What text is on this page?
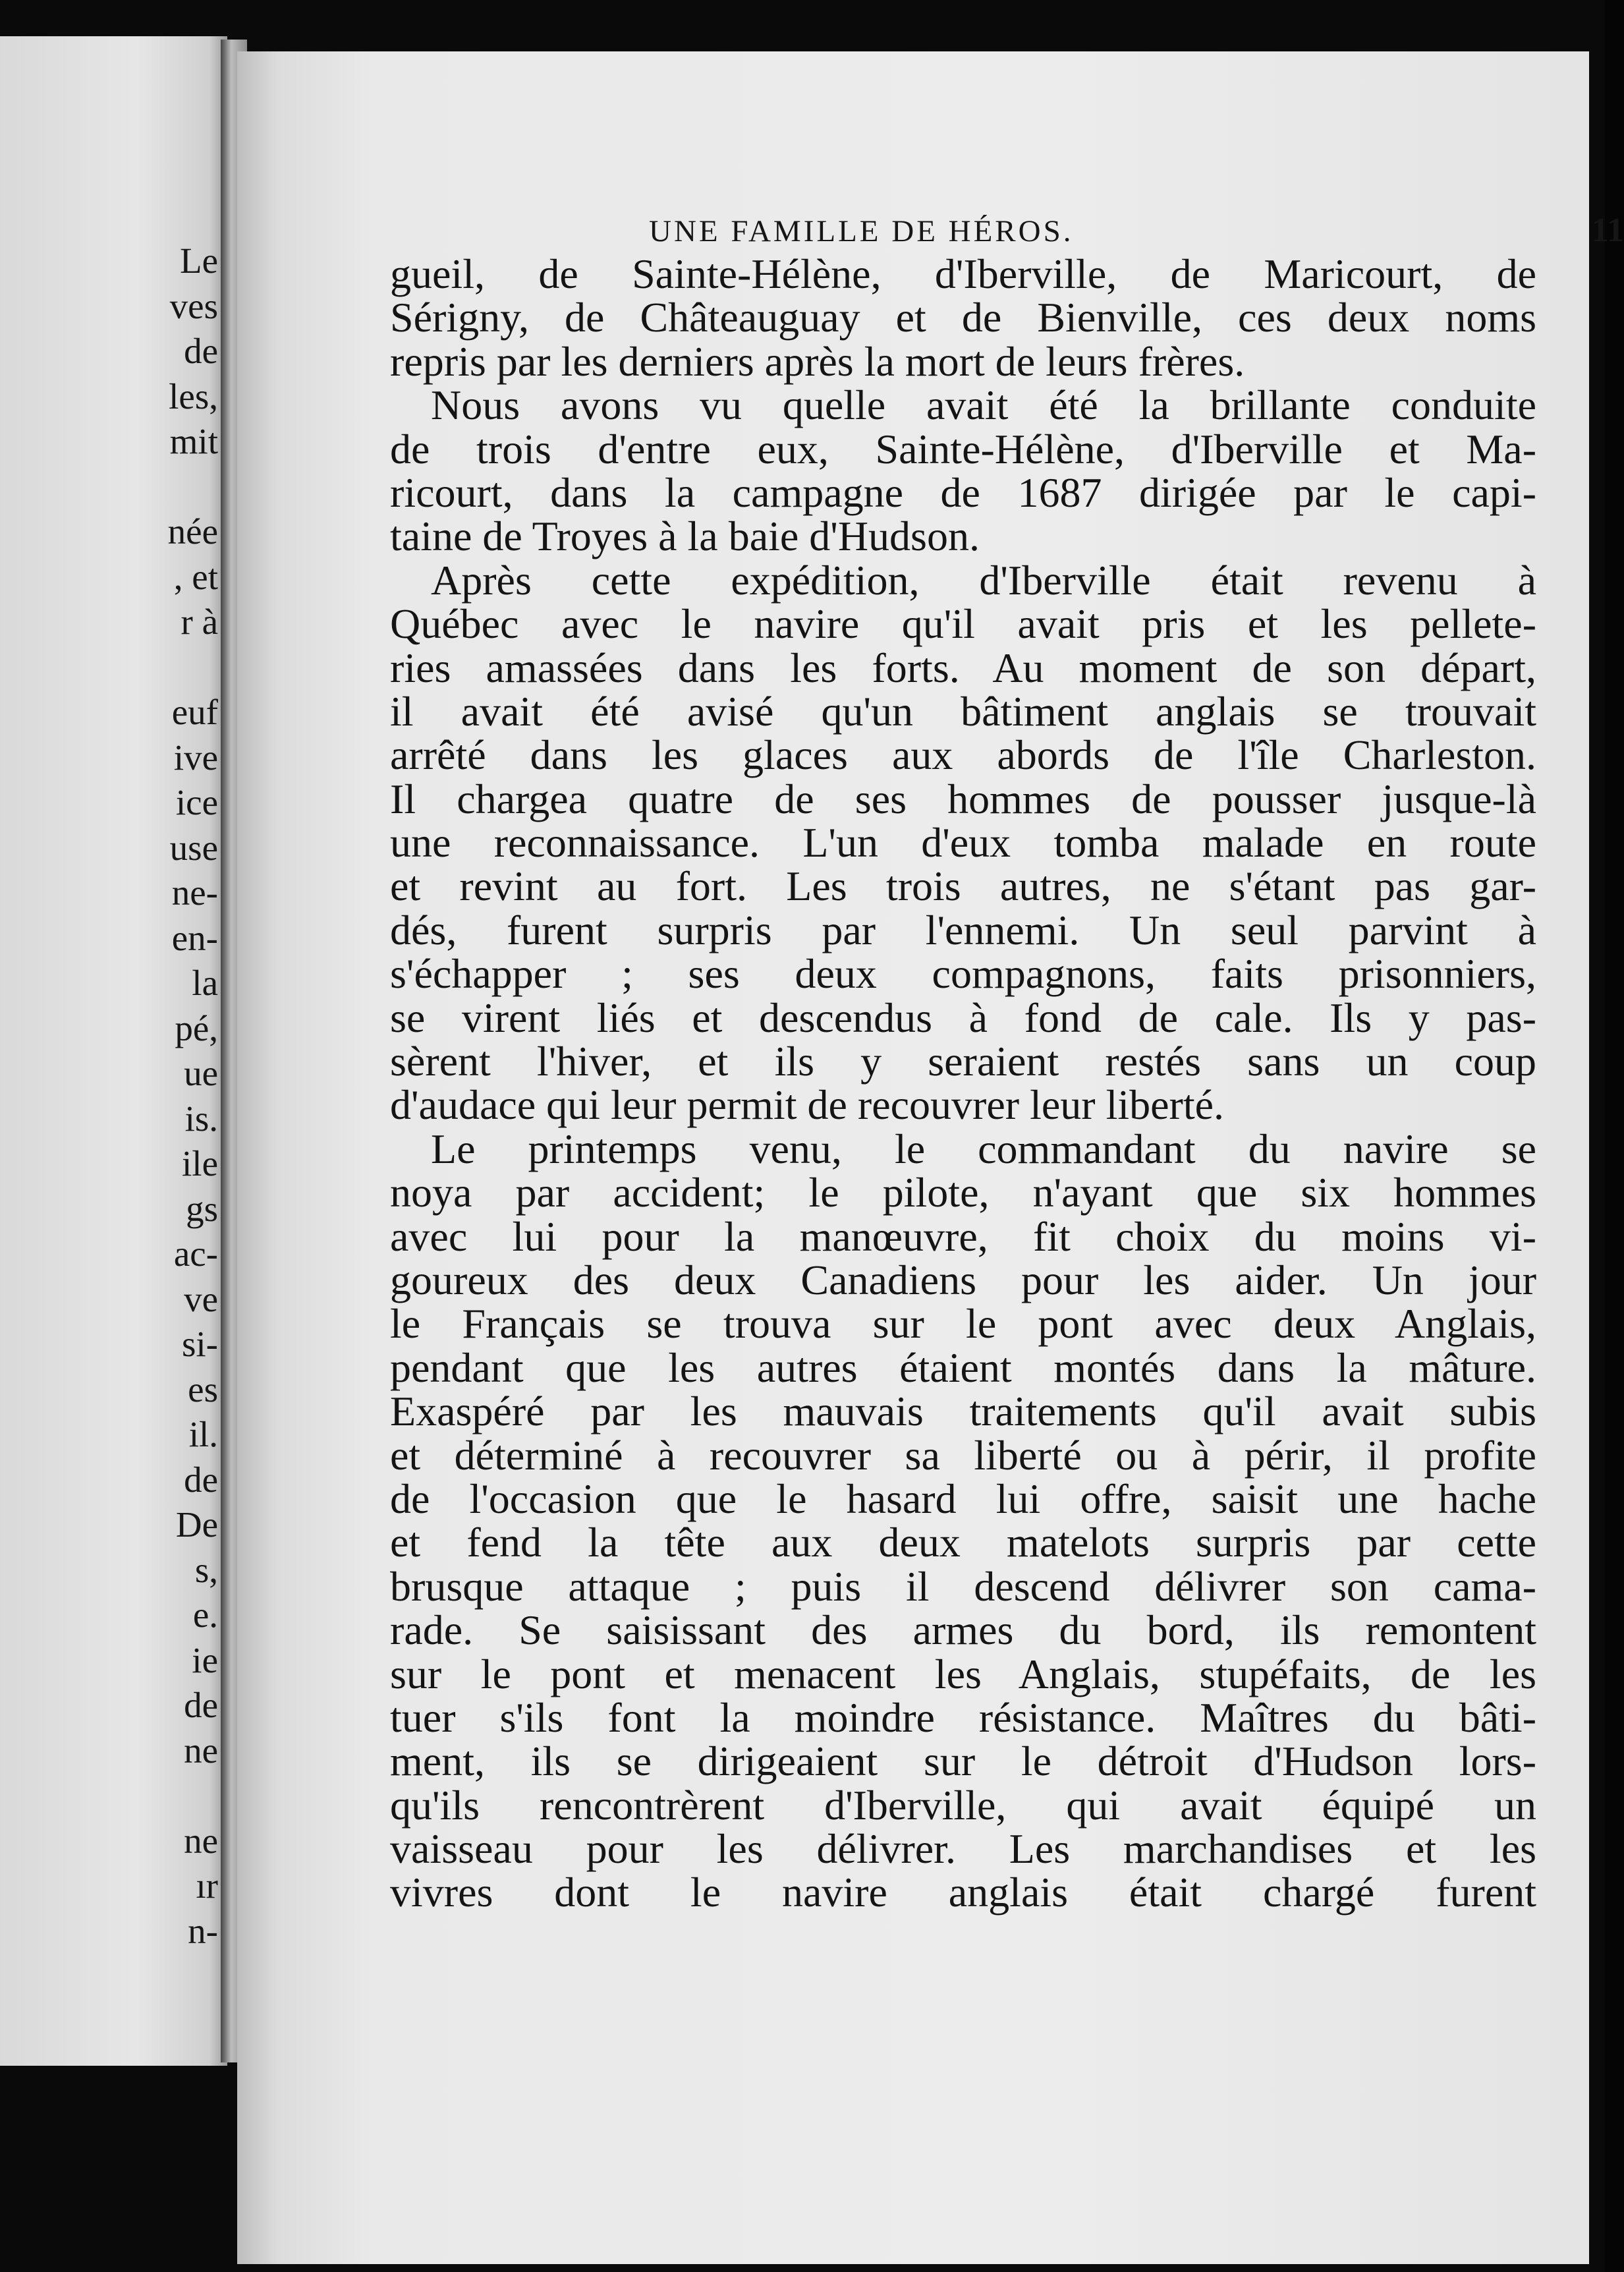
Le
ves
de
les,
mit

née
, et
r à

euf
ive
ice
use
ne-
en-
la
pé,
ue
is.
ile
gs
ac-
ve
si-
es
il.
de
De
s,
e.
ie
de
ne

ne
ır
n-
UNE FAMILLE DE HÉROS.	11
gueil, de Sainte-Hélène, d'Iberville, de Maricourt, de
Sérigny, de Châteauguay et de Bienville, ces deux noms
repris par les derniers après la mort de leurs frères.
Nous avons vu quelle avait été la brillante conduite
de trois d'entre eux, Sainte-Hélène, d'Iberville et Ma-
ricourt, dans la campagne de 1687 dirigée par le capi-
taine de Troyes à la baie d'Hudson.
Après cette expédition, d'Iberville était revenu à
Québec avec le navire qu'il avait pris et les pellete-
ries amassées dans les forts. Au moment de son départ,
il avait été avisé qu'un bâtiment anglais se trouvait
arrêté dans les glaces aux abords de l'île Charleston.
Il chargea quatre de ses hommes de pousser jusque-là
une reconnaissance. L'un d'eux tomba malade en route
et revint au fort. Les trois autres, ne s'étant pas gar-
dés, furent surpris par l'ennemi. Un seul parvint à
s'échapper ; ses deux compagnons, faits prisonniers,
se virent liés et descendus à fond de cale. Ils y pas-
sèrent l'hiver, et ils y seraient restés sans un coup
d'audace qui leur permit de recouvrer leur liberté.
Le printemps venu, le commandant du navire se
noya par accident; le pilote, n'ayant que six hommes
avec lui pour la manœuvre, fit choix du moins vi-
goureux des deux Canadiens pour les aider. Un jour
le Français se trouva sur le pont avec deux Anglais,
pendant que les autres étaient montés dans la mâture.
Exaspéré par les mauvais traitements qu'il avait subis
et déterminé à recouvrer sa liberté ou à périr, il profite
de l'occasion que le hasard lui offre, saisit une hache
et fend la tête aux deux matelots surpris par cette
brusque attaque ; puis il descend délivrer son cama-
rade. Se saisissant des armes du bord, ils remontent
sur le pont et menacent les Anglais, stupéfaits, de les
tuer s'ils font la moindre résistance. Maîtres du bâti-
ment, ils se dirigeaient sur le détroit d'Hudson lors-
qu'ils rencontrèrent d'Iberville, qui avait équipé un
vaisseau pour les délivrer. Les marchandises et les
vivres dont le navire anglais était chargé furent
